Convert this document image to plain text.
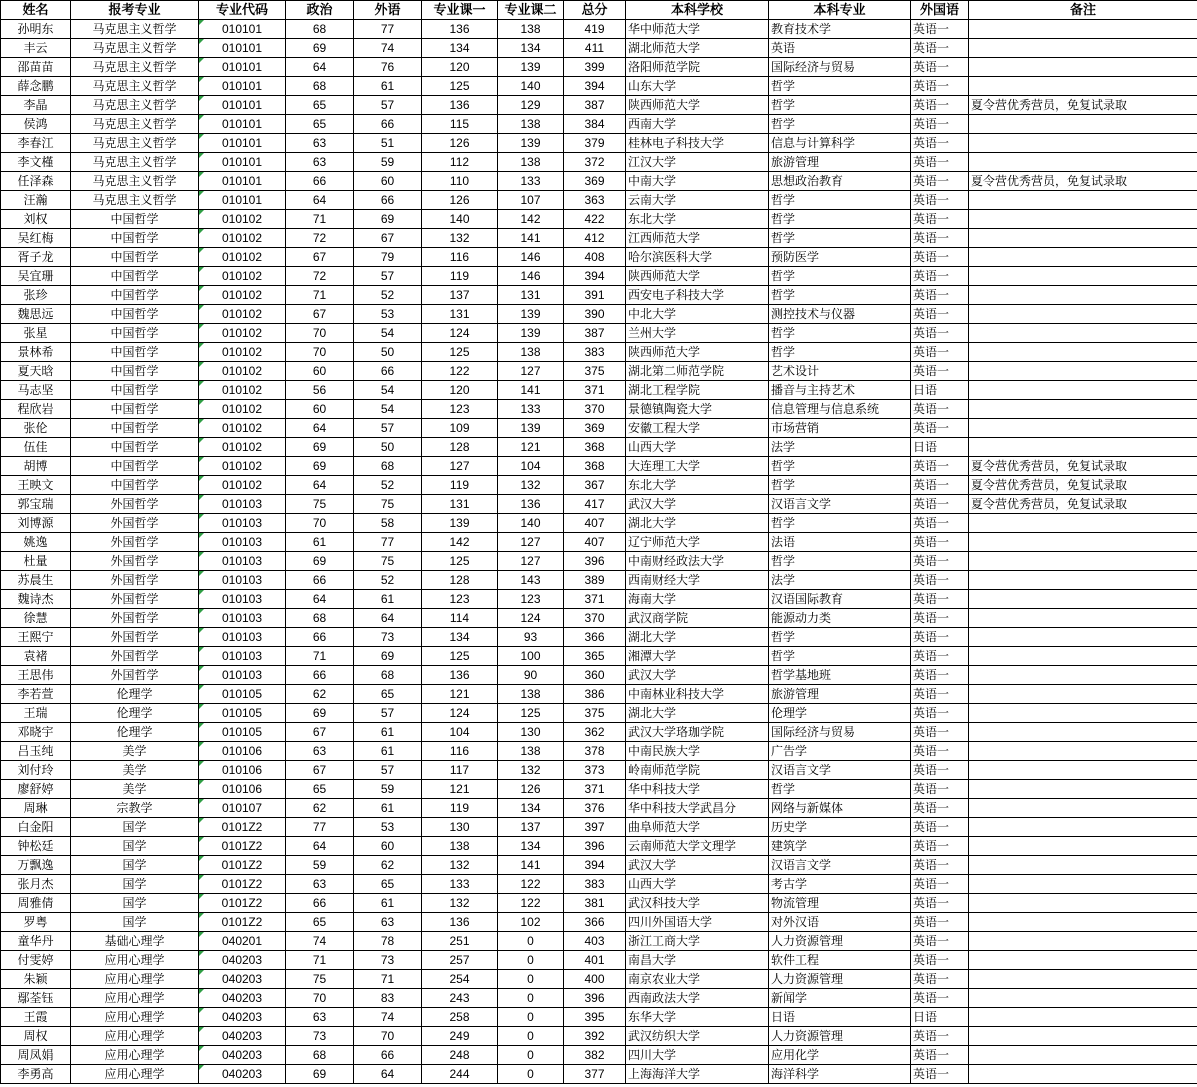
姓名	报考专业	专业代码	政治	外语	专业课一	专业课二	总分	本科学校	本科专业	外国语	备注
孙明东	马克思主义哲学	010101	68	77	136	138	419	华中师范大学	教育技术学	英语一	
丰云	马克思主义哲学	010101	69	74	134	134	411	湖北师范大学	英语	英语一	
邵苗苗	马克思主义哲学	010101	64	76	120	139	399	洛阳师范学院	国际经济与贸易	英语一	
薛念鹏	马克思主义哲学	010101	68	61	125	140	394	山东大学	哲学	英语一	
李晶	马克思主义哲学	010101	65	57	136	129	387	陕西师范大学	哲学	英语一	夏令营优秀营员，免复试录取
侯鸿	马克思主义哲学	010101	65	66	115	138	384	西南大学	哲学	英语一	
李春江	马克思主义哲学	010101	63	51	126	139	379	桂林电子科技大学	信息与计算科学	英语一	
李文槿	马克思主义哲学	010101	63	59	112	138	372	江汉大学	旅游管理	英语一	
任泽森	马克思主义哲学	010101	66	60	110	133	369	中南大学	思想政治教育	英语一	夏令营优秀营员，免复试录取
汪瀚	马克思主义哲学	010101	64	66	126	107	363	云南大学	哲学	英语一	
刘权	中国哲学	010102	71	69	140	142	422	东北大学	哲学	英语一	
吴红梅	中国哲学	010102	72	67	132	141	412	江西师范大学	哲学	英语一	
胥子龙	中国哲学	010102	67	79	116	146	408	哈尔滨医科大学	预防医学	英语一	
吴宜珊	中国哲学	010102	72	57	119	146	394	陕西师范大学	哲学	英语一	
张珍	中国哲学	010102	71	52	137	131	391	西安电子科技大学	哲学	英语一	
魏思远	中国哲学	010102	67	53	131	139	390	中北大学	测控技术与仪器	英语一	
张星	中国哲学	010102	70	54	124	139	387	兰州大学	哲学	英语一	
景林希	中国哲学	010102	70	50	125	138	383	陕西师范大学	哲学	英语一	
夏天晗	中国哲学	010102	60	66	122	127	375	湖北第二师范学院	艺术设计	英语一	
马志坚	中国哲学	010102	56	54	120	141	371	湖北工程学院	播音与主持艺术	日语	
程欣岩	中国哲学	010102	60	54	123	133	370	景德镇陶瓷大学	信息管理与信息系统	英语一	
张伦	中国哲学	010102	64	57	109	139	369	安徽工程大学	市场营销	英语一	
伍佳	中国哲学	010102	69	50	128	121	368	山西大学	法学	日语	
胡博	中国哲学	010102	69	68	127	104	368	大连理工大学	哲学	英语一	夏令营优秀营员，免复试录取
王映文	中国哲学	010102	64	52	119	132	367	东北大学	哲学	英语一	夏令营优秀营员，免复试录取
郭宝瑞	外国哲学	010103	75	75	131	136	417	武汉大学	汉语言文学	英语一	夏令营优秀营员，免复试录取
刘博源	外国哲学	010103	70	58	139	140	407	湖北大学	哲学	英语一	
姚逸	外国哲学	010103	61	77	142	127	407	辽宁师范大学	法语	英语一	
杜量	外国哲学	010103	69	75	125	127	396	中南财经政法大学	哲学	英语一	
苏晨生	外国哲学	010103	66	52	128	143	389	西南财经大学	法学	英语一	
魏诗杰	外国哲学	010103	64	61	123	123	371	海南大学	汉语国际教育	英语一	
徐慧	外国哲学	010103	68	64	114	124	370	武汉商学院	能源动力类	英语一	
王熙宁	外国哲学	010103	66	73	134	93	366	湖北大学	哲学	英语一	
袁褚	外国哲学	010103	71	69	125	100	365	湘潭大学	哲学	英语一	
王思伟	外国哲学	010103	66	68	136	90	360	武汉大学	哲学基地班	英语一	
李若萱	伦理学	010105	62	65	121	138	386	中南林业科技大学	旅游管理	英语一	
王瑞	伦理学	010105	69	57	124	125	375	湖北大学	伦理学	英语一	
邓晓宇	伦理学	010105	67	61	104	130	362	武汉大学珞珈学院	国际经济与贸易	英语一	
吕玉纯	美学	010106	63	61	116	138	378	中南民族大学	广告学	英语一	
刘付玲	美学	010106	67	57	117	132	373	岭南师范学院	汉语言文学	英语一	
廖舒婷	美学	010106	65	59	121	126	371	华中科技大学	哲学	英语一	
周琳	宗教学	010107	62	61	119	134	376	华中科技大学武昌分	网络与新媒体	英语一	
白金阳	国学	0101Z2	77	53	130	137	397	曲阜师范大学	历史学	英语一	
钟松廷	国学	0101Z2	64	60	138	134	396	云南师范大学文理学	建筑学	英语一	
万飘逸	国学	0101Z2	59	62	132	141	394	武汉大学	汉语言文学	英语一	
张月杰	国学	0101Z2	63	65	133	122	383	山西大学	考古学	英语一	
周雅倩	国学	0101Z2	66	61	132	122	381	武汉科技大学	物流管理	英语一	
罗粤	国学	0101Z2	65	63	136	102	366	四川外国语大学	对外汉语	英语一	
童华丹	基础心理学	040201	74	78	251	0	403	浙江工商大学	人力资源管理	英语一	
付雯婷	应用心理学	040203	71	73	257	0	401	南昌大学	软件工程	英语一	
朱颖	应用心理学	040203	75	71	254	0	400	南京农业大学	人力资源管理	英语一	
鄢荃钰	应用心理学	040203	70	83	243	0	396	西南政法大学	新闻学	英语一	
王霞	应用心理学	040203	63	74	258	0	395	东华大学	日语	日语	
周权	应用心理学	040203	73	70	249	0	392	武汉纺织大学	人力资源管理	英语一	
周凤娟	应用心理学	040203	68	66	248	0	382	四川大学	应用化学	英语一	
李勇高	应用心理学	040203	69	64	244	0	377	上海海洋大学	海洋科学	英语一	
